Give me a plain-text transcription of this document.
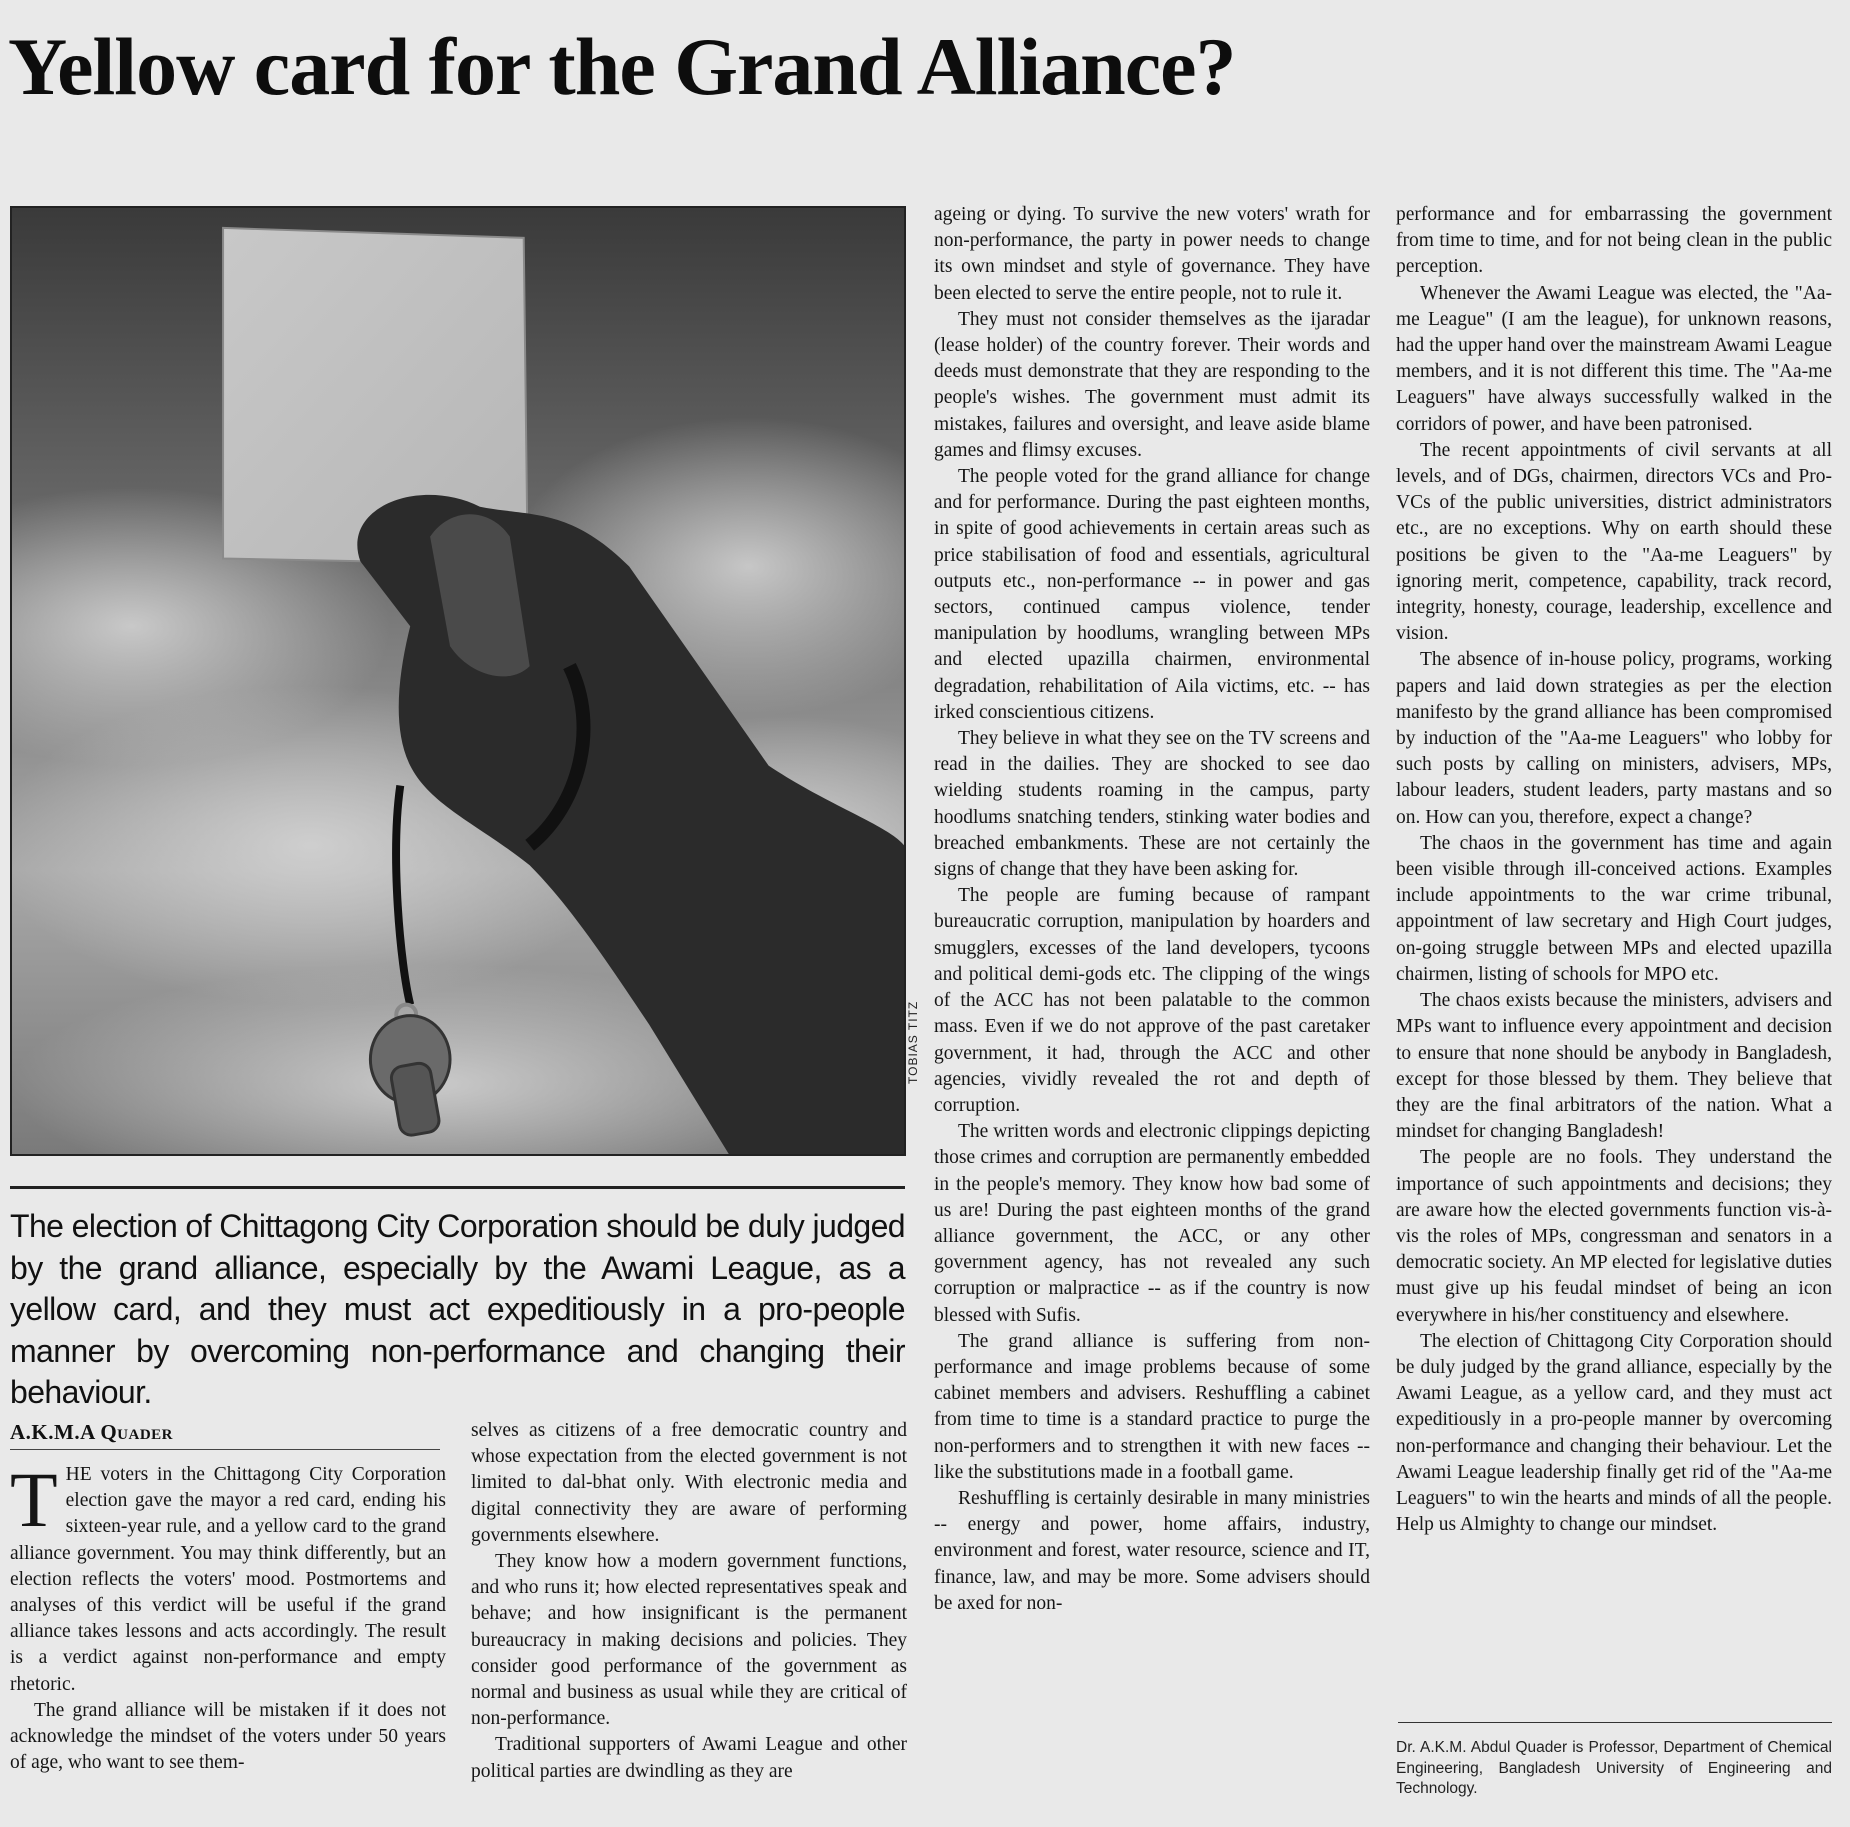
Yellow card for the Grand Alliance?
TOBIAS TITZ

The election of Chittagong City Corporation should be duly judged by the grand alliance, especially by the Awami League, as a yellow card, and they must act expeditiously in a pro-people manner by overcoming non-performance and changing their behaviour.

A.K.M.A Quader

THE voters in the Chittagong City Corporation election gave the mayor a red card, ending his sixteen-year rule, and a yellow card to the grand alliance government. You may think differently, but an election reflects the voters' mood. Postmortems and analyses of this verdict will be useful if the grand alliance takes lessons and acts accordingly. The result is a verdict against non-performance and empty rhetoric.

The grand alliance will be mistaken if it does not acknowledge the mindset of the voters under 50 years of age, who want to see them-

selves as citizens of a free democratic country and whose expectation from the elected government is not limited to dal-bhat only. With electronic media and digital connectivity they are aware of performing governments elsewhere.

They know how a modern government functions, and who runs it; how elected representatives speak and behave; and how insignificant is the permanent bureaucracy in making decisions and policies. They consider good performance of the government as normal and business as usual while they are critical of non-performance.

Traditional supporters of Awami League and other political parties are dwindling as they are

ageing or dying. To survive the new voters' wrath for non-performance, the party in power needs to change its own mindset and style of governance. They have been elected to serve the entire people, not to rule it.

They must not consider themselves as the ijaradar (lease holder) of the country forever. Their words and deeds must demonstrate that they are responding to the people's wishes. The government must admit its mistakes, failures and oversight, and leave aside blame games and flimsy excuses.

The people voted for the grand alliance for change and for performance. During the past eighteen months, in spite of good achievements in certain areas such as price stabilisation of food and essentials, agricultural outputs etc., non-performance -- in power and gas sectors, continued campus violence, tender manipulation by hoodlums, wrangling between MPs and elected upazilla chairmen, environmental degradation, rehabilitation of Aila victims, etc. -- has irked conscientious citizens.

They believe in what they see on the TV screens and read in the dailies. They are shocked to see dao wielding students roaming in the campus, party hoodlums snatching tenders, stinking water bodies and breached embankments. These are not certainly the signs of change that they have been asking for.

The people are fuming because of rampant bureaucratic corruption, manipulation by hoarders and smugglers, excesses of the land developers, tycoons and political demi-gods etc. The clipping of the wings of the ACC has not been palatable to the common mass. Even if we do not approve of the past caretaker government, it had, through the ACC and other agencies, vividly revealed the rot and depth of corruption.

The written words and electronic clippings depicting those crimes and corruption are permanently embedded in the people's memory. They know how bad some of us are! During the past eighteen months of the grand alliance government, the ACC, or any other government agency, has not revealed any such corruption or malpractice -- as if the country is now blessed with Sufis.

The grand alliance is suffering from non-performance and image problems because of some cabinet members and advisers. Reshuffling a cabinet from time to time is a standard practice to purge the non-performers and to strengthen it with new faces -- like the substitutions made in a football game.

Reshuffling is certainly desirable in many ministries -- energy and power, home affairs, industry, environment and forest, water resource, science and IT, finance, law, and may be more. Some advisers should be axed for non-

performance and for embarrassing the government from time to time, and for not being clean in the public perception.

Whenever the Awami League was elected, the "Aa-me League" (I am the league), for unknown reasons, had the upper hand over the mainstream Awami League members, and it is not different this time. The "Aa-me Leaguers" have always successfully walked in the corridors of power, and have been patronised.

The recent appointments of civil servants at all levels, and of DGs, chairmen, directors VCs and Pro-VCs of the public universities, district administrators etc., are no exceptions. Why on earth should these positions be given to the "Aa-me Leaguers" by ignoring merit, competence, capability, track record, integrity, honesty, courage, leadership, excellence and vision.

The absence of in-house policy, programs, working papers and laid down strategies as per the election manifesto by the grand alliance has been compromised by induction of the "Aa-me Leaguers" who lobby for such posts by calling on ministers, advisers, MPs, labour leaders, student leaders, party mastans and so on. How can you, therefore, expect a change?

The chaos in the government has time and again been visible through ill-conceived actions. Examples include appointments to the war crime tribunal, appointment of law secretary and High Court judges, on-going struggle between MPs and elected upazilla chairmen, listing of schools for MPO etc.

The chaos exists because the ministers, advisers and MPs want to influence every appointment and decision to ensure that none should be anybody in Bangladesh, except for those blessed by them. They believe that they are the final arbitrators of the nation. What a mindset for changing Bangladesh!

The people are no fools. They understand the importance of such appointments and decisions; they are aware how the elected governments function vis-à-vis the roles of MPs, congressman and senators in a democratic society. An MP elected for legislative duties must give up his feudal mindset of being an icon everywhere in his/her constituency and elsewhere.

The election of Chittagong City Corporation should be duly judged by the grand alliance, especially by the Awami League, as a yellow card, and they must act expeditiously in a pro-people manner by overcoming non-performance and changing their behaviour. Let the Awami League leadership finally get rid of the "Aa-me Leaguers" to win the hearts and minds of all the people. Help us Almighty to change our mindset.

Dr. A.K.M. Abdul Quader is Professor, Department of Chemical Engineering, Bangladesh University of Engineering and Technology.
